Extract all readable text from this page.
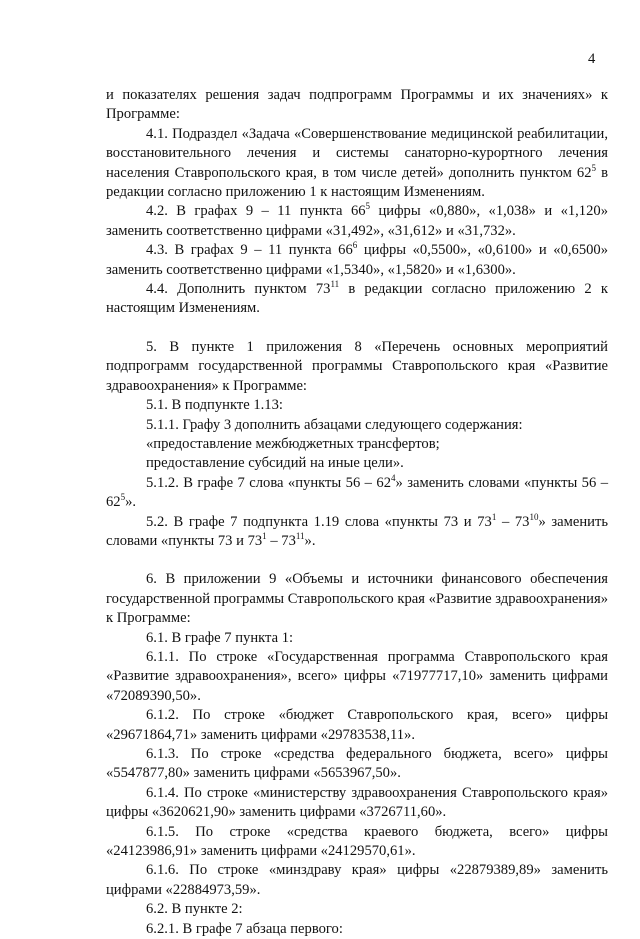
4

и показателях решения задач подпрограмм Программы и их значениях» к Программе:

4.1. Подраздел «Задача «Совершенствование медицинской реабилитации, восстановительного лечения и системы санаторно-курортного лечения населения Ставропольского края, в том числе детей» дополнить пунктом $62^5$ в редакции согласно приложению 1 к настоящим Изменениям.

4.2. В графах 9 – 11 пункта $66^5$ цифры «0,880», «1,038» и «1,120» заменить соответственно цифрами «31,492», «31,612» и «31,732».

4.3. В графах 9 – 11 пункта $66^6$ цифры «0,5500», «0,6100» и «0,6500» заменить соответственно цифрами «1,5340», «1,5820» и «1,6300».

4.4. Дополнить пунктом $73^{11}$ в редакции согласно приложению 2 к настоящим Изменениям.

5. В пункте 1 приложения 8 «Перечень основных мероприятий подпрограмм государственной программы Ставропольского края «Развитие здравоохранения» к Программе:

5.1. В подпункте 1.13:

5.1.1. Графу 3 дополнить абзацами следующего содержания:

«предоставление межбюджетных трансфертов;

предоставление субсидий на иные цели».

5.1.2. В графе 7 слова «пункты $56 - 62^4$» заменить словами «пункты $56 - 62^5$».

5.2. В графе 7 подпункта 1.19 слова «пункты 73 и $73^1 - 73^{10}$» заменить словами «пункты 73 и $73^1 - 73^{11}$».

6. В приложении 9 «Объемы и источники финансового обеспечения государственной программы Ставропольского края «Развитие здравоохранения» к Программе:

6.1. В графе 7 пункта 1:

6.1.1. По строке «Государственная программа Ставропольского края «Развитие здравоохранения», всего» цифры «71977717,10» заменить цифрами «72089390,50».

6.1.2. По строке «бюджет Ставропольского края, всего» цифры «29671864,71» заменить цифрами «29783538,11».

6.1.3. По строке «средства федерального бюджета, всего» цифры «5547877,80» заменить цифрами «5653967,50».

6.1.4. По строке «министерству здравоохранения Ставропольского края» цифры «3620621,90» заменить цифрами «3726711,60».

6.1.5. По строке «средства краевого бюджета, всего» цифры «24123986,91» заменить цифрами «24129570,61».

6.1.6. По строке «минздраву края» цифры «22879389,89» заменить цифрами «22884973,59».

6.2. В пункте 2:

6.2.1. В графе 7 абзаца первого:
